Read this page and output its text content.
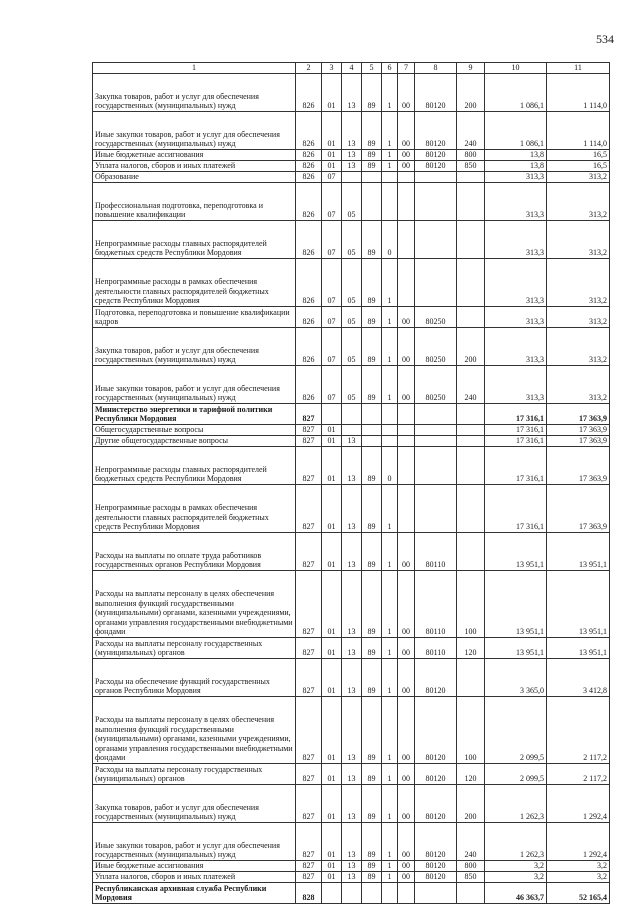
534
1	2	3	4	5	6	7	8	9	10	11
Закупка товаров, работ и услуг для обеспечения государственных (муниципальных) нужд	826	01	13	89	1	00	80120	200	1 086,1	1 114,0
Иные закупки товаров, работ и услуг для обеспечения государственных (муниципальных) нужд	826	01	13	89	1	00	80120	240	1 086,1	1 114,0
Иные бюджетные ассигнования	826	01	13	89	1	00	80120	800	13,8	16,5
Уплата налогов, сборов и иных платежей	826	01	13	89	1	00	80120	850	13,8	16,5
Образование	826	07							313,3	313,2
Профессиональная подготовка, переподготовка и повышение квалификации	826	07	05						313,3	313,2
Непрограммные расходы главных распорядителей бюджетных средств Республики Мордовия	826	07	05	89	0				313,3	313,2
Непрограммные расходы в рамках обеспечения деятельности главных распорядителей бюджетных средств Республики Мордовия	826	07	05	89	1				313,3	313,2
Подготовка, переподготовка и повышение квалификации кадров	826	07	05	89	1	00	80250		313,3	313,2
Закупка товаров, работ и услуг для обеспечения государственных (муниципальных) нужд	826	07	05	89	1	00	80250	200	313,3	313,2
Иные закупки товаров, работ и услуг для обеспечения государственных (муниципальных) нужд	826	07	05	89	1	00	80250	240	313,3	313,2
Министерство энергетики и тарифной политики Республики Мордовия	827								17 316,1	17 363,9
Общегосударственные вопросы	827	01							17 316,1	17 363,9
Другие общегосударственные вопросы	827	01	13						17 316,1	17 363,9
Непрограммные расходы главных распорядителей бюджетных средств Республики Мордовия	827	01	13	89	0				17 316,1	17 363,9
Непрограммные расходы в рамках обеспечения деятельности главных распорядителей бюджетных средств Республики Мордовия	827	01	13	89	1				17 316,1	17 363,9
Расходы на выплаты по оплате труда работников государственных органов Республики Мордовия	827	01	13	89	1	00	80110		13 951,1	13 951,1
Расходы на выплаты персоналу в целях обеспечения выполнения функций государственными (муниципальными) органами, казенными учреждениями, органами управления государственными внебюджетными фондами	827	01	13	89	1	00	80110	100	13 951,1	13 951,1
Расходы на выплаты персоналу государственных (муниципальных) органов	827	01	13	89	1	00	80110	120	13 951,1	13 951,1
Расходы на обеспечение функций государственных органов Республики Мордовия	827	01	13	89	1	00	80120		3 365,0	3 412,8
Расходы на выплаты персоналу в целях обеспечения выполнения функций государственными (муниципальными) органами, казенными учреждениями, органами управления государственными внебюджетными фондами	827	01	13	89	1	00	80120	100	2 099,5	2 117,2
Расходы на выплаты персоналу государственных (муниципальных) органов	827	01	13	89	1	00	80120	120	2 099,5	2 117,2
Закупка товаров, работ и услуг для обеспечения государственных (муниципальных) нужд	827	01	13	89	1	00	80120	200	1 262,3	1 292,4
Иные закупки товаров, работ и услуг для обеспечения государственных (муниципальных) нужд	827	01	13	89	1	00	80120	240	1 262,3	1 292,4
Иные бюджетные ассигнования	827	01	13	89	1	00	80120	800	3,2	3,2
Уплата налогов, сборов и иных платежей	827	01	13	89	1	00	80120	850	3,2	3,2
Республиканская архивная служба Республики Мордовия	828								46 363,7	52 165,4
